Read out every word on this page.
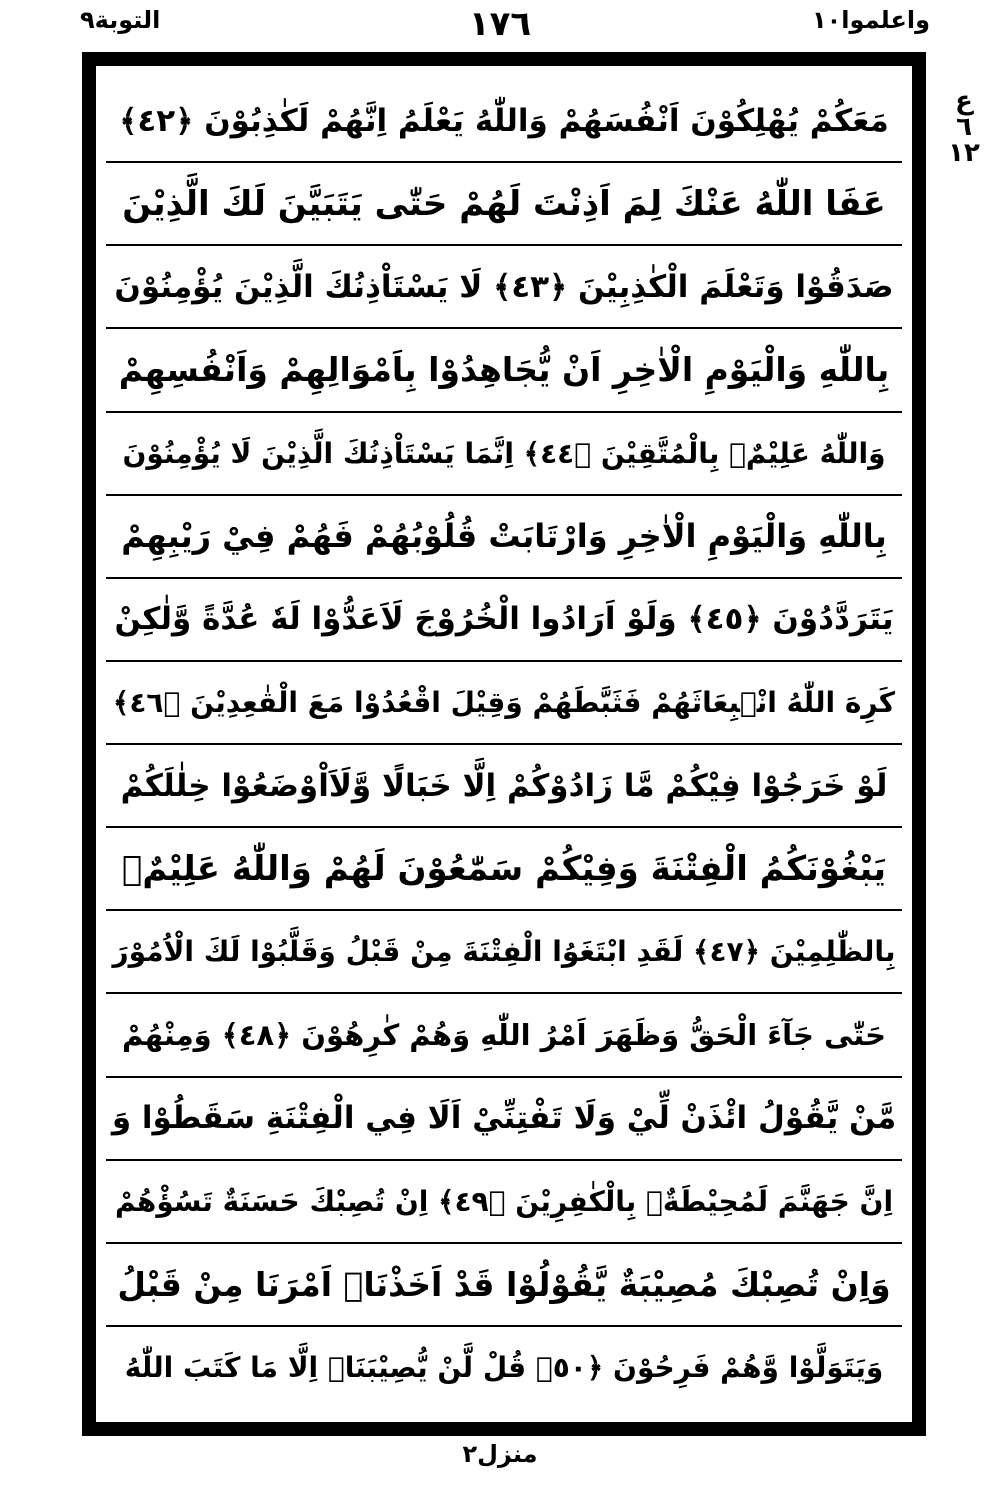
التوبة٩	١٧٦	واعلموا١٠
مَعَكُمْ يُهْلِكُوْنَ اَنْفُسَهُمْ وَاللّٰهُ يَعْلَمُ اِنَّهُمْ لَكٰذِبُوْنَ ﴿٤٢﴾
عَفَا اللّٰهُ عَنْكَ لِمَ اَذِنْتَ لَهُمْ حَتّٰى يَتَبَيَّنَ لَكَ الَّذِيْنَ
صَدَقُوْا وَتَعْلَمَ الْكٰذِبِيْنَ ﴿٤٣﴾ لَا يَسْتَاْذِنُكَ الَّذِيْنَ يُؤْمِنُوْنَ
بِاللّٰهِ وَالْيَوْمِ الْاٰخِرِ اَنْ يُّجَاهِدُوْا بِاَمْوَالِهِمْ وَاَنْفُسِهِمْ
وَاللّٰهُ عَلِيْمٌۢ بِالْمُتَّقِيْنَ ﴿٤٤﴾ اِنَّمَا يَسْتَاْذِنُكَ الَّذِيْنَ لَا يُؤْمِنُوْنَ
بِاللّٰهِ وَالْيَوْمِ الْاٰخِرِ وَارْتَابَتْ قُلُوْبُهُمْ فَهُمْ فِيْ رَيْبِهِمْ
يَتَرَدَّدُوْنَ ﴿٤٥﴾ وَلَوْ اَرَادُوا الْخُرُوْجَ لَاَعَدُّوْا لَهٗ عُدَّةً وَّلٰكِنْ
كَرِهَ اللّٰهُ انْۢبِعَاثَهُمْ فَثَبَّطَهُمْ وَقِيْلَ اقْعُدُوْا مَعَ الْقٰعِدِيْنَ ﴿٤٦﴾
لَوْ خَرَجُوْا فِيْكُمْ مَّا زَادُوْكُمْ اِلَّا خَبَالًا وَّلَاَاْوْضَعُوْا خِلٰلَكُمْ
يَبْغُوْنَكُمُ الْفِتْنَةَ وَفِيْكُمْ سَمّٰعُوْنَ لَهُمْ وَاللّٰهُ عَلِيْمٌۢ
بِالظّٰلِمِيْنَ ﴿٤٧﴾ لَقَدِ ابْتَغَوُا الْفِتْنَةَ مِنْ قَبْلُ وَقَلَّبُوْا لَكَ الْاُمُوْرَ
حَتّٰى جَآءَ الْحَقُّ وَظَهَرَ اَمْرُ اللّٰهِ وَهُمْ كٰرِهُوْنَ ﴿٤٨﴾ وَمِنْهُمْ
مَّنْ يَّقُوْلُ ائْذَنْ لِّيْ وَلَا تَفْتِنِّيْ اَلَا فِي الْفِتْنَةِ سَقَطُوْا وَ
اِنَّ جَهَنَّمَ لَمُحِيْطَةٌۢ بِالْكٰفِرِيْنَ ﴿٤٩﴾ اِنْ تُصِبْكَ حَسَنَةٌ تَسُؤْهُمْ
وَاِنْ تُصِبْكَ مُصِيْبَةٌ يَّقُوْلُوْا قَدْ اَخَذْنَاۤ اَمْرَنَا مِنْ قَبْلُ
وَيَتَوَلَّوْا وَّهُمْ فَرِحُوْنَ ﴿٥٠﴾ قُلْ لَّنْ يُّصِيْبَنَاۤ اِلَّا مَا كَتَبَ اللّٰهُ
ع
٦
١٢
منزل٢
